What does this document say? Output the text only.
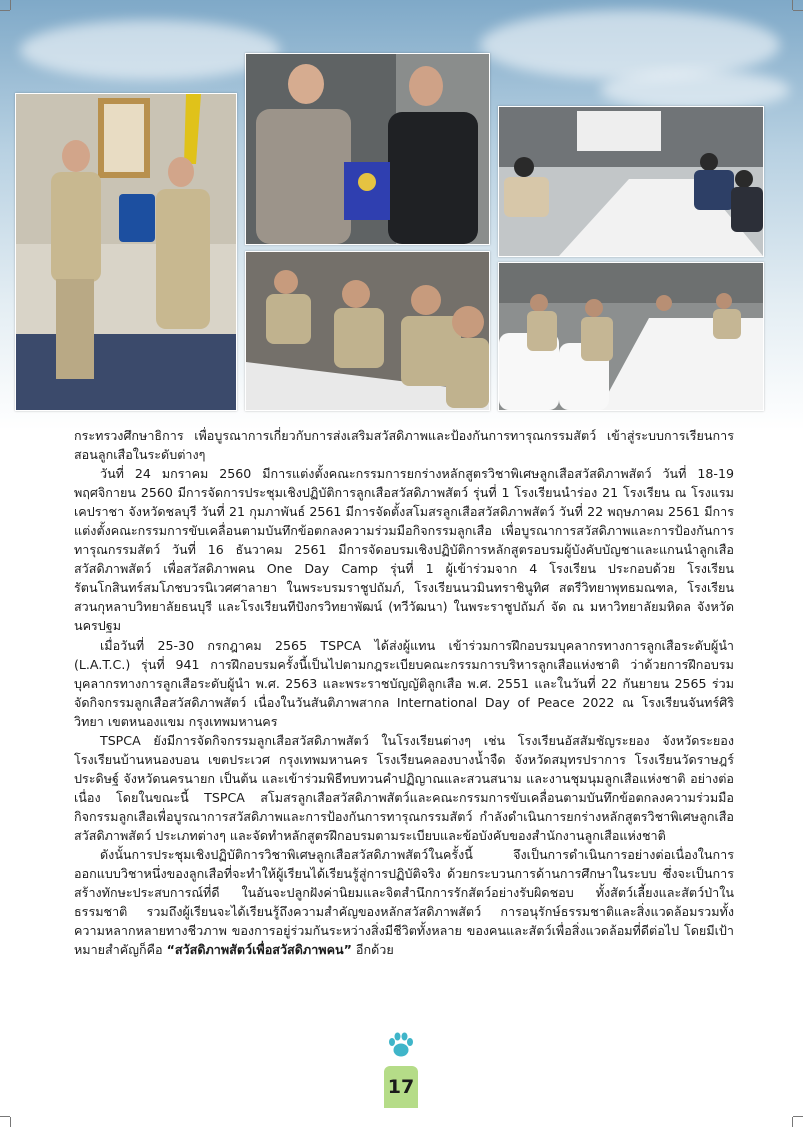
กระทรวงศึกษาธิการ เพื่อบูรณาการเกี่ยวกับการส่งเสริมสวัสดิภาพและป้องกันการทารุณกรรมสัตว์ เข้าสู่ระบบการเรียนการสอนลูกเสือในระดับต่างๆ

วันที่ 24 มกราคม 2560 มีการแต่งตั้งคณะกรรมการยกร่างหลักสูตรวิชาพิเศษลูกเสือสวัสดิภาพสัตว์ วันที่ 18-19 พฤศจิกายน 2560 มีการจัดการประชุมเชิงปฏิบัติการลูกเสือสวัสดิภาพสัตว์ รุ่นที่ 1 โรงเรียนนำร่อง 21 โรงเรียน ณ โรงแรม เคปราชา จังหวัดชลบุรี วันที่ 21 กุมภาพันธ์ 2561 มีการจัดตั้งสโมสรลูกเสือสวัสดิภาพสัตว์ วันที่ 22 พฤษภาคม 2561 มีการแต่งตั้งคณะกรรมการขับเคลื่อนตามบันทึกข้อตกลงความร่วมมือกิจกรรมลูกเสือ เพื่อบูรณาการสวัสดิภาพและการป้องกันการทารุณกรรมสัตว์ วันที่ 16 ธันวาคม 2561 มีการจัดอบรมเชิงปฏิบัติการหลักสูตรอบรมผู้บังคับบัญชาและแกนนำลูกเสือสวัสดิภาพสัตว์ เพื่อสวัสดิภาพคน One Day Camp รุ่นที่ 1 ผู้เข้าร่วมจาก 4 โรงเรียน ประกอบด้วย โรงเรียนรัตนโกสินทร์สมโภชบวรนิเวศศาลายา ในพระบรมราชูปถัมภ์, โรงเรียนนวมินทราชินูทิศ สตรีวิทยาพุทธมณฑล, โรงเรียนสวนกุหลาบวิทยาลัยธนบุรี และโรงเรียนทีปังกรวิทยาพัฒน์ (ทวีวัฒนา) ในพระราชูปถัมภ์ จัด ณ มหาวิทยาลัยมหิดล จังหวัดนครปฐม

เมื่อวันที่ 25-30 กรกฎาคม 2565 TSPCA ได้ส่งผู้แทน เข้าร่วมการฝึกอบรมบุคลากรทางการลูกเสือระดับผู้นำ (L.A.T.C.) รุ่นที่ 941 การฝึกอบรมครั้งนี้เป็นไปตามกฎระเบียบคณะกรรมการบริหารลูกเสือแห่งชาติ ว่าด้วยการฝึกอบรมบุคลากรทางการลูกเสือระดับผู้นำ พ.ศ. 2563 และพระราชบัญญัติลูกเสือ พ.ศ. 2551 และในวันที่ 22 กันยายน 2565 ร่วมจัดกิจกรรมลูกเสือสวัสดิภาพสัตว์ เนื่องในวันสันติภาพสากล International Day of Peace 2022 ณ โรงเรียนจันทร์ศิริวิทยา เขตหนองแขม กรุงเทพมหานคร

TSPCA ยังมีการจัดกิจกรรมลูกเสือสวัสดิภาพสัตว์ ในโรงเรียนต่างๆ เช่น โรงเรียนอัสสัมชัญระยอง จังหวัดระยอง โรงเรียนบ้านหนองบอน เขตประเวศ กรุงเทพมหานคร โรงเรียนคลองบางน้ำจืด จังหวัดสมุทรปราการ โรงเรียนวัดราษฎร์ประดิษฐ์ จังหวัดนครนายก เป็นต้น และเข้าร่วมพิธีทบทวนคำปฏิญาณและสวนสนาม และงานชุมนุมลูกเสือแห่งชาติ อย่างต่อเนื่อง โดยในขณะนี้ TSPCA สโมสรลูกเสือสวัสดิภาพสัตว์และคณะกรรมการขับเคลื่อนตามบันทึกข้อตกลงความร่วมมือกิจกรรมลูกเสือเพื่อบูรณาการสวัสดิภาพและการป้องกันการทารุณกรรมสัตว์ กำลังดำเนินการยกร่างหลักสูตรวิชาพิเศษลูกเสือสวัสดิภาพสัตว์ ประเภทต่างๆ และจัดทำหลักสูตรฝึกอบรมตามระเบียบและข้อบังคับของสำนักงานลูกเสือแห่งชาติ

ดังนั้นการประชุมเชิงปฏิบัติการวิชาพิเศษลูกเสือสวัสดิภาพสัตว์ในครั้งนี้ จึงเป็นการดำเนินการอย่างต่อเนื่องในการออกแบบวิชาหนึ่งของลูกเสือที่จะทำให้ผู้เรียนได้เรียนรู้สู่การปฏิบัติจริง ด้วยกระบวนการด้านการศึกษาในระบบ ซึ่งจะเป็นการสร้างทักษะประสบการณ์ที่ดี ในอันจะปลูกฝังค่านิยมและจิตสำนึกการรักสัตว์อย่างรับผิดชอบ ทั้งสัตว์เลี้ยงและสัตว์ป่าในธรรมชาติ รวมถึงผู้เรียนจะได้เรียนรู้ถึงความสำคัญของหลักสวัสดิภาพสัตว์ การอนุรักษ์ธรรมชาติและสิ่งแวดล้อมรวมทั้งความหลากหลายทางชีวภาพ ของการอยู่ร่วมกันระหว่างสิ่งมีชีวิตทั้งหลาย ของคนและสัตว์เพื่อสิ่งแวดล้อมที่ดีต่อไป โดยมีเป้าหมายสำคัญก็คือ “สวัสดิภาพสัตว์เพื่อสวัสดิภาพคน” อีกด้วย

17
